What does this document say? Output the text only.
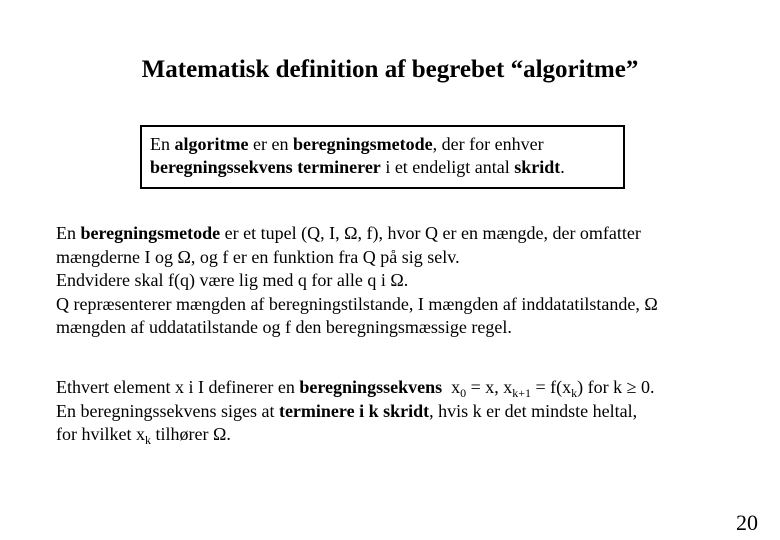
Matematisk definition af begrebet “algoritme”
En algoritme er en beregningsmetode, der for enhver
beregningssekvens terminerer i et endeligt antal skridt.
En beregningsmetode er et tupel (Q, I, Ω, f), hvor Q er en mængde, der omfatter
mængderne I og Ω, og f er en funktion fra Q på sig selv.
Endvidere skal f(q) være lig med q for alle q i Ω.
Q repræsenterer mængden af beregningstilstande, I mængden af inddatatilstande, Ω
mængden af uddatatilstande og f den beregningsmæssige regel.
Ethvert element x i I definerer en beregningssekvens  $x_0 = x$, $x_{k+1} = f(x_k)$ for k ≥ 0.
En beregningssekvens siges at terminere i k skridt, hvis k er det mindste heltal,
for hvilket $x_k$ tilhører Ω.
20
